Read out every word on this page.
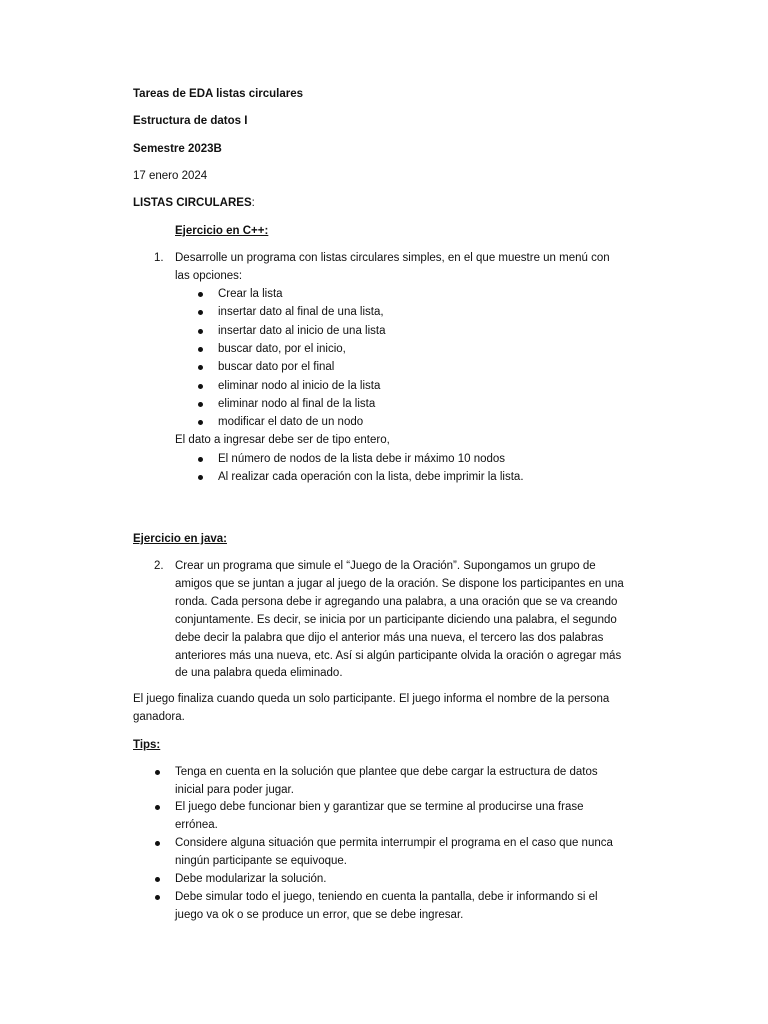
Tareas de EDA listas circulares
Estructura de datos I
Semestre 2023B
17 enero 2024
LISTAS CIRCULARES:
Ejercicio en C++:
1. Desarrolle un programa con listas circulares simples, en el que muestre un menú con
las opciones:
Crear la lista
insertar dato al final de una lista,
insertar dato al inicio de una lista
buscar dato, por el inicio,
buscar dato por el final
eliminar nodo al inicio de la lista
eliminar nodo al final de la lista
modificar el dato de un nodo
El dato a ingresar debe ser de tipo entero,
El número de nodos de la lista debe ir máximo 10 nodos
Al realizar cada operación con la lista, debe imprimir la lista.
Ejercicio en java:
2. Crear un programa que simule el “Juego de la Oración”. Supongamos un grupo de
amigos que se juntan a jugar al juego de la oración. Se dispone los participantes en una
ronda. Cada persona debe ir agregando una palabra, a una oración que se va creando
conjuntamente. Es decir, se inicia por un participante diciendo una palabra, el segundo
debe decir la palabra que dijo el anterior más una nueva, el tercero las dos palabras
anteriores más una nueva, etc. Así si algún participante olvida la oración o agregar más
de una palabra queda eliminado.
El juego finaliza cuando queda un solo participante. El juego informa el nombre de la persona
ganadora.
Tips:
Tenga en cuenta en la solución que plantee que debe cargar la estructura de datos
inicial para poder jugar.
El juego debe funcionar bien y garantizar que se termine al producirse una frase
errónea.
Considere alguna situación que permita interrumpir el programa en el caso que nunca
ningún participante se equivoque.
Debe modularizar la solución.
Debe simular todo el juego, teniendo en cuenta la pantalla, debe ir informando si el
juego va ok o se produce un error, que se debe ingresar.
